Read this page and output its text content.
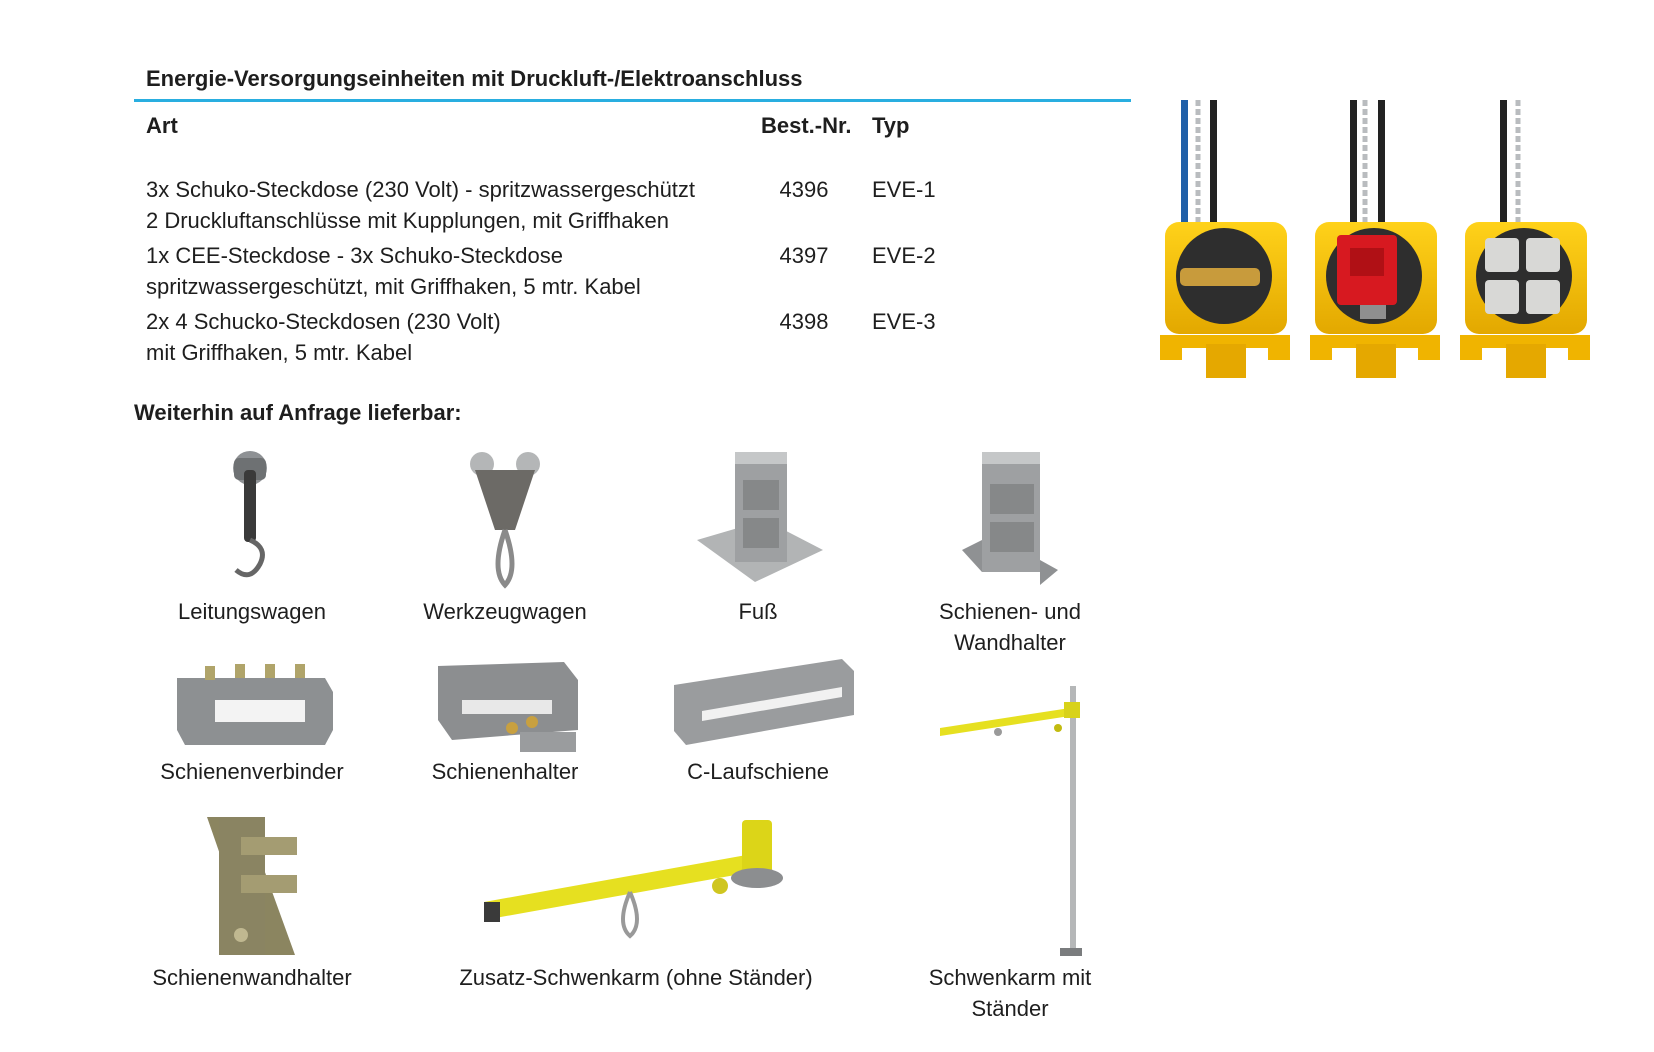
Energie-Versorgungseinheiten mit Druckluft-/Elektroanschluss
Art	Best.-Nr. Typ
3x Schuko-Steckdose (230 Volt) - spritzwassergeschützt
2 Druckluftanschlüsse mit Kupplungen, mit Griffhaken
4396	EVE-1
1x CEE-Steckdose - 3x Schuko-Steckdose
spritzwassergeschützt, mit Griffhaken, 5 mtr. Kabel
4397	EVE-2
2x 4 Schucko-Steckdosen (230 Volt)
mit Griffhaken, 5 mtr. Kabel
4398	EVE-3
Weiterhin auf Anfrage lieferbar:
Leitungswagen	Werkzeugwagen	Fuß	Schienen- und
Wandhalter
Schienenverbinder	Schienenhalter	C-Laufschiene
Schienenwandhalter	Zusatz-Schwenkarm (ohne Ständer)	Schwenkarm mit
Ständer
